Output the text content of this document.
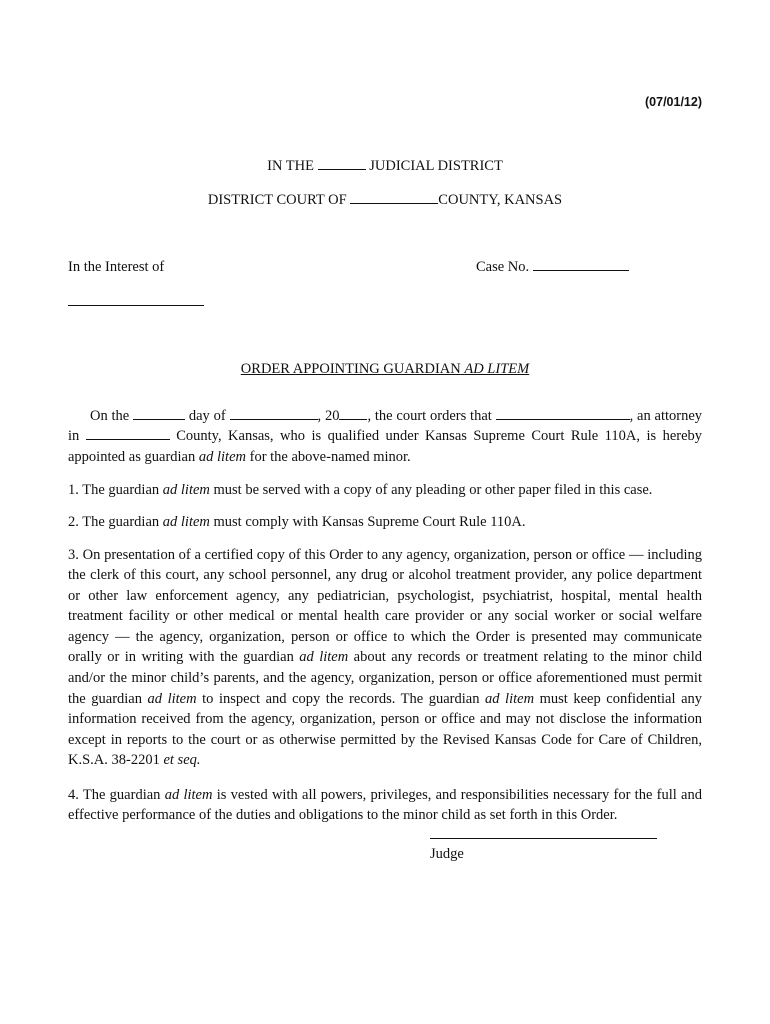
(07/01/12)
IN THE	JUDICIAL DISTRICT
DISTRICT COURT OF	COUNTY, KANSAS
In the Interest of	Case No.
ORDER APPOINTING GUARDIAN AD LITEM

On the	day of	, 20 , the court orders that	, an attorney in	County, Kansas, who is qualified under Kansas Supreme Court Rule 110A, is hereby appointed as guardian ad litem for the above-named minor.

1. The guardian ad litem must be served with a copy of any pleading or other paper filed in this case.

2. The guardian ad litem must comply with Kansas Supreme Court Rule 110A.

3. On presentation of a certified copy of this Order to any agency, organization, person or office — including the clerk of this court, any school personnel, any drug or alcohol treatment provider, any police department or other law enforcement agency, any pediatrician, psychologist, psychiatrist, hospital, mental health treatment facility or other medical or mental health care provider or any social worker or social welfare agency — the agency, organization, person or office to which the Order is presented may communicate orally or in writing with the guardian ad litem about any records or treatment relating to the minor child and/or the minor child’s parents, and the agency, organization, person or office aforementioned must permit the guardian ad litem to inspect and copy the records. The guardian ad litem must keep confidential any information received from the agency, organization, person or office and may not disclose the information except in reports to the court or as otherwise permitted by the Revised Kansas Code for Care of Children, K.S.A. 38-2201 et seq.

4. The guardian ad litem is vested with all powers, privileges, and responsibilities necessary for the full and effective performance of the duties and obligations to the minor child as set forth in this Order.

Judge
